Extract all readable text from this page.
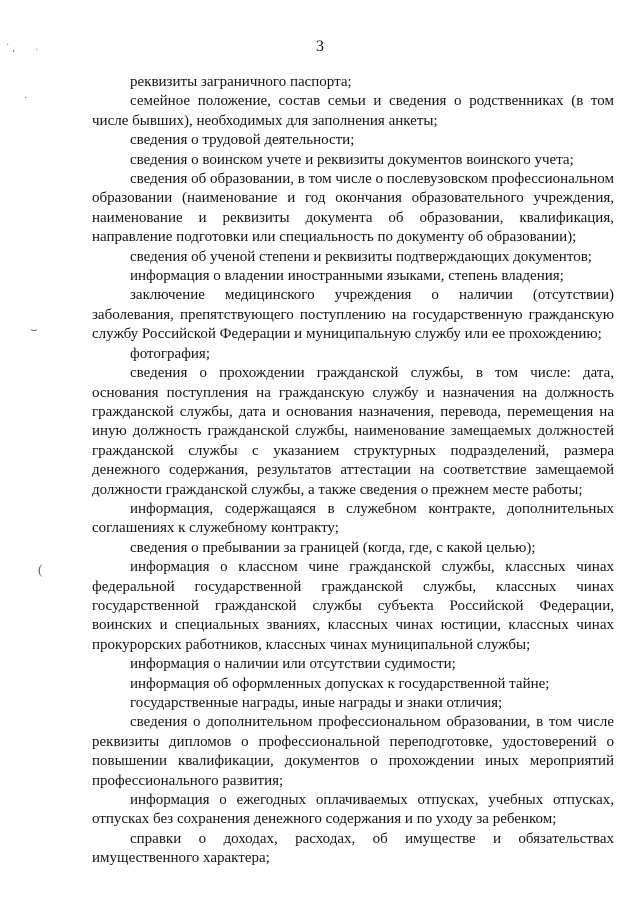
3
˙ ‚        ˒
·
⌣
(

реквизиты заграничного паспорта;

семейное положение, состав семьи и сведения о родственниках (в том числе бывших), необходимых для заполнения анкеты;

сведения о трудовой деятельности;

сведения о воинском учете и реквизиты документов воинского учета;

сведения об образовании, в том числе о послевузовском профессиональном образовании (наименование и год окончания образовательного учреждения, наименование и реквизиты документа об образовании, квалификация, направление подготовки или специальность по документу об образовании);

сведения об ученой степени и реквизиты подтверждающих документов;

информация о владении иностранными языками, степень владения;

заключение медицинского учреждения о наличии (отсутствии) заболевания, препятствующего поступлению на государственную гражданскую службу Российской Федерации и муниципальную службу или ее прохождению;

фотография;

сведения о прохождении гражданской службы, в том числе: дата, основания поступления на гражданскую службу и назначения на должность гражданской службы, дата и основания назначения, перевода, перемещения на иную должность гражданской службы, наименование замещаемых должностей гражданской службы с указанием структурных подразделений, размера денежного содержания, результатов аттестации на соответствие замещаемой должности гражданской службы, а также сведения о прежнем месте работы;

информация, содержащаяся в служебном контракте, дополнительных соглашениях к служебному контракту;

сведения о пребывании за границей (когда, где, с какой целью);

информация о классном чине гражданской службы, классных чинах федеральной государственной гражданской службы, классных чинах государственной гражданской службы субъекта Российской Федерации, воинских и специальных званиях, классных чинах юстиции, классных чинах прокурорских работников, классных чинах муниципальной службы;

информация о наличии или отсутствии судимости;

информация об оформленных допусках к государственной тайне;

государственные награды, иные награды и знаки отличия;

сведения о дополнительном профессиональном образовании, в том числе реквизиты дипломов о профессиональной переподготовке, удостоверений о повышении квалификации, документов о прохождении иных мероприятий профессионального развития;

информация о ежегодных оплачиваемых отпусках, учебных отпусках, отпусках без сохранения денежного содержания и по уходу за ребенком;

справки о доходах, расходах, об имуществе и обязательствах имущественного характера;
